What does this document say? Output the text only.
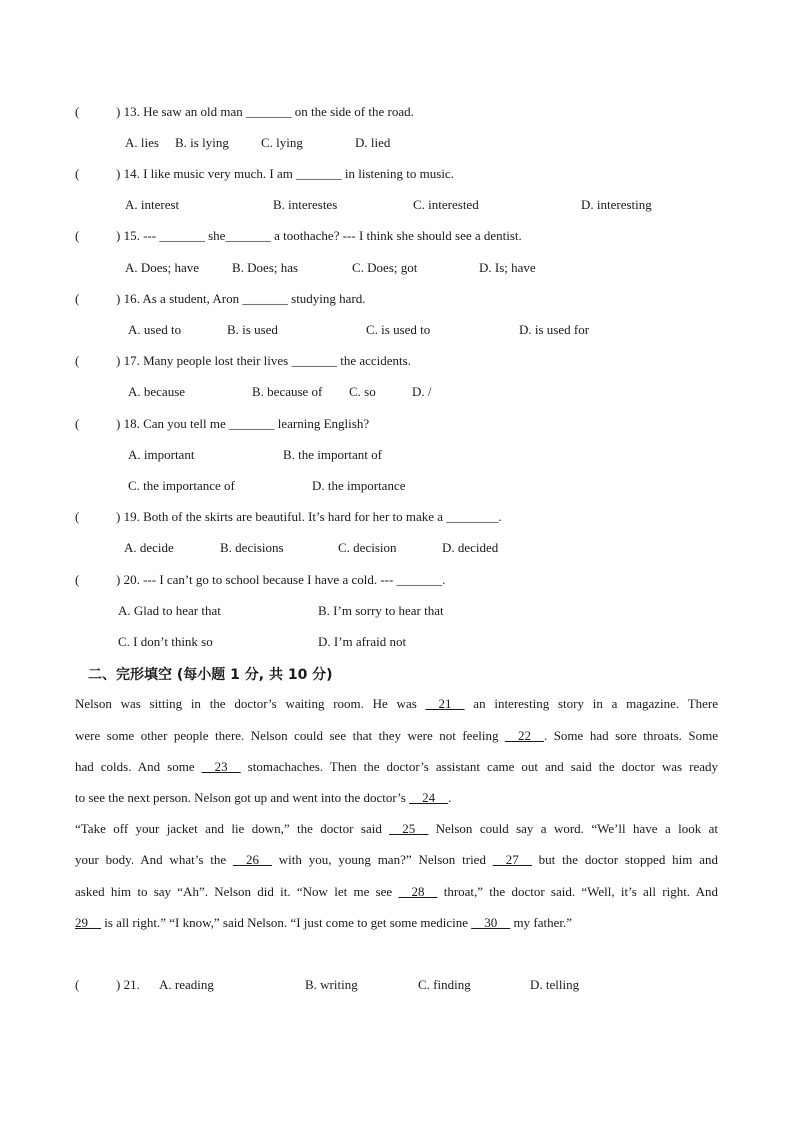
(	) 13. He saw an old man _______ on the side of the road.
A. lies B. is lying C. lying	D. lied
(	) 14. I like music very much. I am _______ in listening to music.
A. interest	B. interestes	C. interested	D. interesting
(	) 15. --- _______ she_______ a toothache? --- I think she should see a dentist.
A. Does; have	B. Does; has	C. Does; got	D. Is; have
(	) 16. As a student, Aron _______ studying hard.
A. used to	B. is used	C. is used to	D. is used for
(	) 17. Many people lost their lives _______ the accidents.
A. because	B. because of C. so	D. /
(	) 18. Can you tell me _______ learning English?
A. important	B. the important of
C. the importance of	D. the importance
(	) 19. Both of the skirts are beautiful. It’s hard for her to make a ________.
A. decide	B. decisions	C. decision	D. decided
(	) 20. --- I can’t go to school because I have a cold. --- _______.
A. Glad to hear that	B. I’m sorry to hear that
C. I don’t think so	D. I’m afraid not
二、完形填空 (每小题 1 分, 共 10 分)
Nelson was sitting in the doctor’s waiting room. He was __21__ an interesting story in a magazine. There
were some other people there. Nelson could see that they were not feeling __22__. Some had sore throats. Some
had colds. And some __23__ stomachaches. Then the doctor’s assistant came out and said the doctor was ready
to see the next person. Nelson got up and went into the doctor’s __24__.
“Take off your jacket and lie down,” the doctor said __25__ Nelson could say a word. “We’ll have a look at
your body. And what’s the __26__ with you, young man?” Nelson tried __27__ but the doctor stopped him and
asked him to say “Ah”. Nelson did it. “Now let me see __28__ throat,” the doctor said. “Well, it’s all right. And
29__ is all right.” “I know,” said Nelson. “I just come to get some medicine __30__ my father.”
(	) 21. A. reading	B. writing	C. finding	D. telling
